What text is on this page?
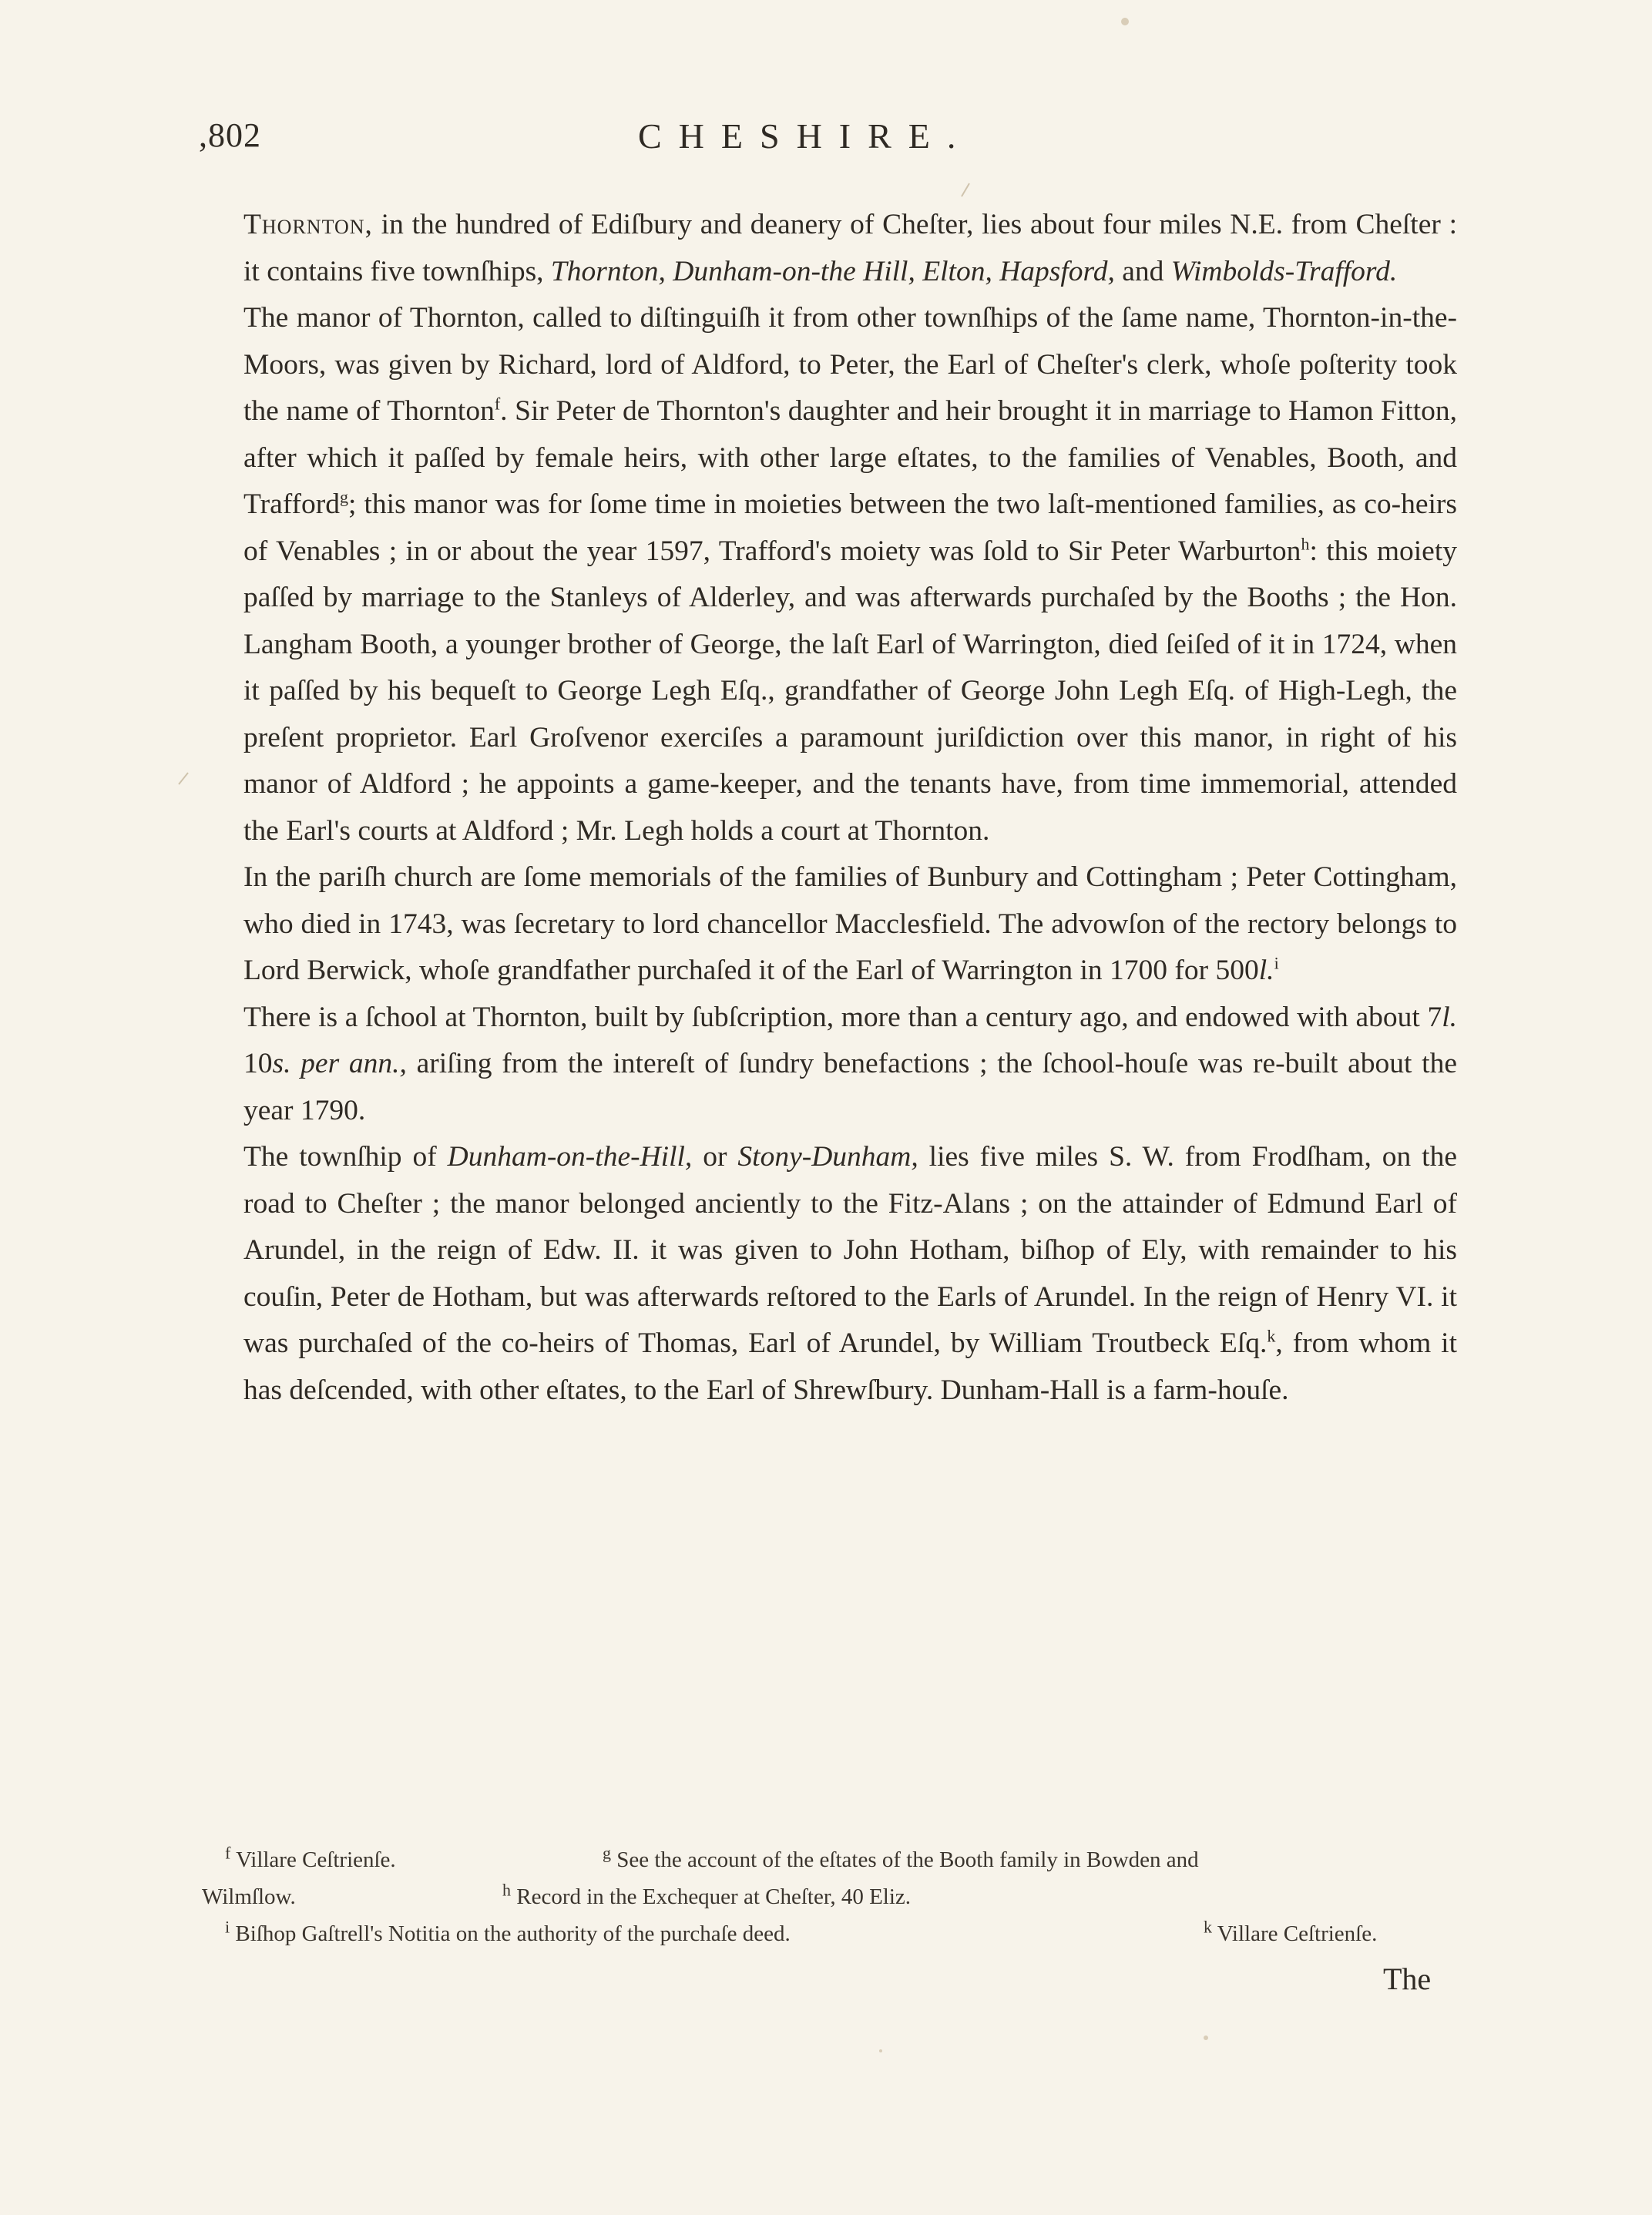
,802	CHESHIRE.

Thornton, in the hundred of Ediſbury and deanery of Cheſter, lies about four miles N.E. from Cheſter : it contains five townſhips, Thornton, Dunham-on-the Hill, Elton, Hapsford, and Wimbolds-Trafford.

The manor of Thornton, called to diſtinguiſh it from other townſhips of the ſame name, Thornton-in-the-Moors, was given by Richard, lord of Aldford, to Peter, the Earl of Cheſter's clerk, whoſe poſterity took the name of Thornton$^f$. Sir Peter de Thornton's daughter and heir brought it in marriage to Hamon Fitton, after which it paſſed by female heirs, with other large eſtates, to the families of Venables, Booth, and Trafford$^g$; this manor was for ſome time in moieties between the two laſt-mentioned families, as co-heirs of Venables ; in or about the year 1597, Trafford's moiety was ſold to Sir Peter Warburton$^h$: this moiety paſſed by marriage to the Stanleys of Alderley, and was afterwards purchaſed by the Booths ; the Hon. Langham Booth, a younger brother of George, the laſt Earl of Warrington, died ſeiſed of it in 1724, when it paſſed by his bequeſt to George Legh Eſq., grandfather of George John Legh Eſq. of High-Legh, the preſent proprietor. Earl Groſvenor exerciſes a paramount juriſdiction over this manor, in right of his manor of Aldford ; he appoints a game-keeper, and the tenants have, from time immemorial, attended the Earl's courts at Aldford ; Mr. Legh holds a court at Thornton.

In the pariſh church are ſome memorials of the families of Bunbury and Cottingham ; Peter Cottingham, who died in 1743, was ſecretary to lord chancellor Macclesfield. The advowſon of the rectory belongs to Lord Berwick, whoſe grandfather purchaſed it of the Earl of Warrington in 1700 for 500l.$^i$

There is a ſchool at Thornton, built by ſubſcription, more than a century ago, and endowed with about 7l. 10s. per ann., ariſing from the intereſt of ſundry benefactions ; the ſchool-houſe was re-built about the year 1790.

The townſhip of Dunham-on-the-Hill, or Stony-Dunham, lies five miles S. W. from Frodſham, on the road to Cheſter ; the manor belonged anciently to the Fitz-Alans ; on the attainder of Edmund Earl of Arundel, in the reign of Edw. II. it was given to John Hotham, biſhop of Ely, with remainder to his couſin, Peter de Hotham, but was afterwards reſtored to the Earls of Arundel. In the reign of Henry VI. it was purchaſed of the co-heirs of Thomas, Earl of Arundel, by William Troutbeck Eſq.$^k$, from whom it has deſcended, with other eſtates, to the Earl of Shrewſbury. Dunham-Hall is a farm-houſe.

$^f$ Villare Ceſtrienſe.	$^g$ See the account of the eſtates of the Booth family in Bowden and
Wilmſlow.	$^h$ Record in the Exchequer at Cheſter, 40 Eliz.
$^i$ Biſhop Gaſtrell's Notitia on the authority of the purchaſe deed.	$^k$ Villare Ceſtrienſe.
The
